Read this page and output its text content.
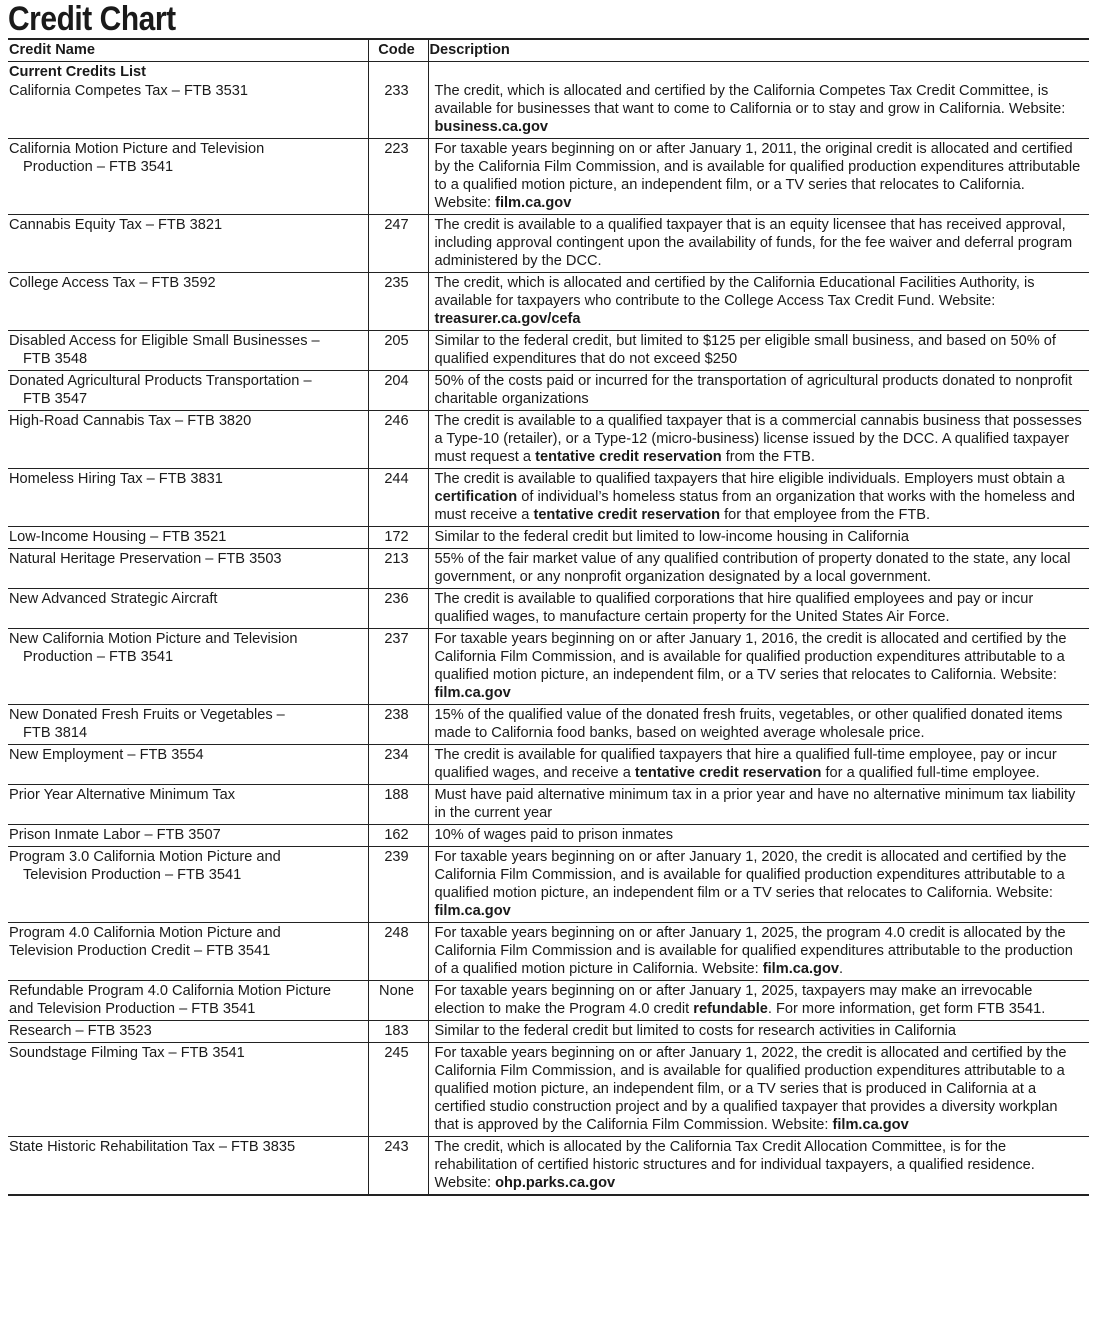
Credit Chart
Credit Name	Code	Description
Current Credits List		

California Competes Tax – FTB 3531	233	The credit, which is allocated and certified by the California Competes Tax Credit Committee, is available for businesses that want to come to California or to stay and grow in California. Website: business.ca.gov

California Motion Picture and Television
Production – FTB 3541	223	For taxable years beginning on or after January 1, 2011, the original credit is allocated and certified by the California Film Commission, and is available for qualified production expenditures attributable to a qualified motion picture, an independent film, or a TV series that relocates to California. Website: film.ca.gov

Cannabis Equity Tax – FTB 3821	247	The credit is available to a qualified taxpayer that is an equity licensee that has received approval, including approval contingent upon the availability of funds, for the fee waiver and deferral program administered by the DCC.

College Access Tax – FTB 3592	235	The credit, which is allocated and certified by the California Educational Facilities Authority, is available for taxpayers who contribute to the College Access Tax Credit Fund. Website: treasurer.ca.gov/cefa

Disabled Access for Eligible Small Businesses –
FTB 3548	205	Similar to the federal credit, but limited to $125 per eligible small business, and based on 50% of qualified expenditures that do not exceed $250

Donated Agricultural Products Transportation –
FTB 3547	204	50% of the costs paid or incurred for the transportation of agricultural products donated to nonprofit charitable organizations

High-Road Cannabis Tax – FTB 3820	246	The credit is available to a qualified taxpayer that is a commercial cannabis business that possesses a Type-10 (retailer), or a Type-12 (micro-business) license issued by the DCC. A qualified taxpayer must request a tentative credit reservation from the FTB.

Homeless Hiring Tax – FTB 3831	244	The credit is available to qualified taxpayers that hire eligible individuals. Employers must obtain a certification of individual’s homeless status from an organization that works with the homeless and must receive a tentative credit reservation for that employee from the FTB.

Low-Income Housing – FTB 3521	172	Similar to the federal credit but limited to low-income housing in California

Natural Heritage Preservation – FTB 3503	213	55% of the fair market value of any qualified contribution of property donated to the state, any local government, or any nonprofit organization designated by a local government.

New Advanced Strategic Aircraft	236	The credit is available to qualified corporations that hire qualified employees and pay or incur qualified wages, to manufacture certain property for the United States Air Force.

New California Motion Picture and Television
Production – FTB 3541	237	For taxable years beginning on or after January 1, 2016, the credit is allocated and certified by the California Film Commission, and is available for qualified production expenditures attributable to a qualified motion picture, an independent film, or a TV series that relocates to California. Website: film.ca.gov

New Donated Fresh Fruits or Vegetables –
FTB 3814	238	15% of the qualified value of the donated fresh fruits, vegetables, or other qualified donated items made to California food banks, based on weighted average wholesale price.

New Employment – FTB 3554	234	The credit is available for qualified taxpayers that hire a qualified full-time employee, pay or incur qualified wages, and receive a tentative credit reservation for a qualified full-time employee.

Prior Year Alternative Minimum Tax	188	Must have paid alternative minimum tax in a prior year and have no alternative minimum tax liability in the current year

Prison Inmate Labor – FTB 3507	162	10% of wages paid to prison inmates

Program 3.0 California Motion Picture and
Television Production – FTB 3541	239	For taxable years beginning on or after January 1, 2020, the credit is allocated and certified by the California Film Commission, and is available for qualified production expenditures attributable to a qualified motion picture, an independent film or a TV series that relocates to California. Website: film.ca.gov

Program 4.0 California Motion Picture and
Television Production Credit – FTB 3541	248	For taxable years beginning on or after January 1, 2025, the program 4.0 credit is allocated by the California Film Commission and is available for qualified expenditures attributable to the production of a qualified motion picture in California. Website: film.ca.gov.

Refundable Program 4.0 California Motion Picture
and Television Production – FTB 3541	None	For taxable years beginning on or after January 1, 2025, taxpayers may make an irrevocable election to make the Program 4.0 credit refundable. For more information, get form FTB 3541.

Research – FTB 3523	183	Similar to the federal credit but limited to costs for research activities in California

Soundstage Filming Tax – FTB 3541	245	For taxable years beginning on or after January 1, 2022, the credit is allocated and certified by the California Film Commission, and is available for qualified production expenditures attributable to a qualified motion picture, an independent film, or a TV series that is produced in California at a certified studio construction project and by a qualified taxpayer that provides a diversity workplan that is approved by the California Film Commission. Website: film.ca.gov

State Historic Rehabilitation Tax – FTB 3835	243	The credit, which is allocated by the California Tax Credit Allocation Committee, is for the rehabilitation of certified historic structures and for individual taxpayers, a qualified residence. Website: ohp.parks.ca.gov
